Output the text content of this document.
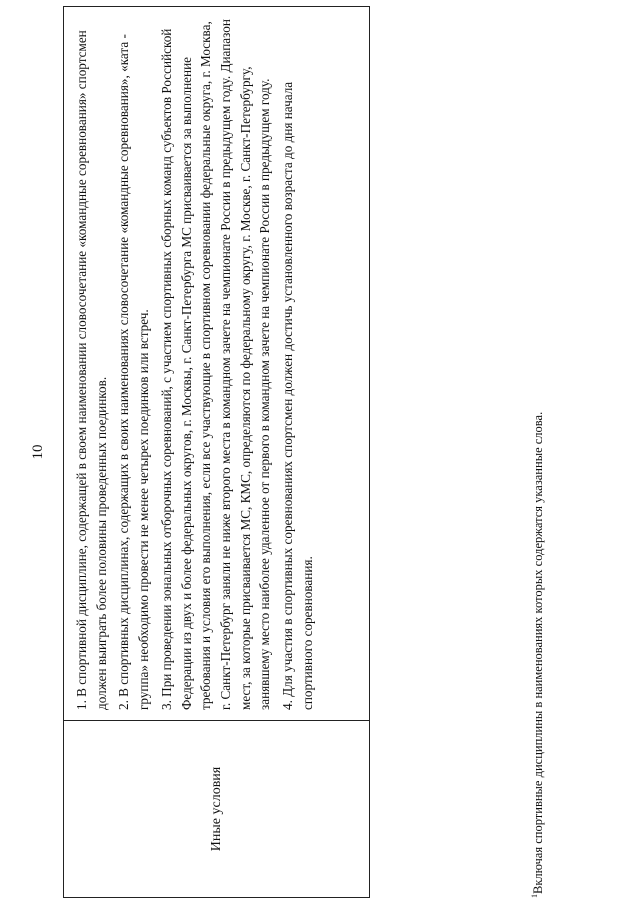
10
Иные условия

1. В спортивной дисциплине, содержащей в своем наименовании словосочетание «командные соревнования» спортсмен должен выиграть более половины проведенных поединков. 2. В спортивных дисциплинах, содержащих в своих наименованиях словосочетание «командные соревнования», «ката - группа» необходимо провести не менее четырех поединков или встреч. 3. При проведении зональных отборочных соревнований, с участием спортивных сборных команд субъектов Российской Федерации из двух и более федеральных округов, г. Москвы, г. Санкт-Петербурга МС присваивается за выполнение требования и условия его выполнения, если все участвующие в спортивном соревновании федеральные округа, г. Москва, г. Санкт-Петербург заняли не ниже второго места в командном зачете на чемпионате России в предыдущем году. Диапазон мест, за которые присваивается МС, КМС, определяются по федеральному округу, г. Москве, г. Санкт-Петербургу, занявшему место наиболее удаленное от первого в командном зачете на чемпионате России в предыдущем году. 4. Для участия в спортивных соревнованиях спортсмен должен достичь установленного возраста до дня начала спортивного соревнования.

$^1$Включая спортивные дисциплины в наименованиях которых содержатся указанные слова.
